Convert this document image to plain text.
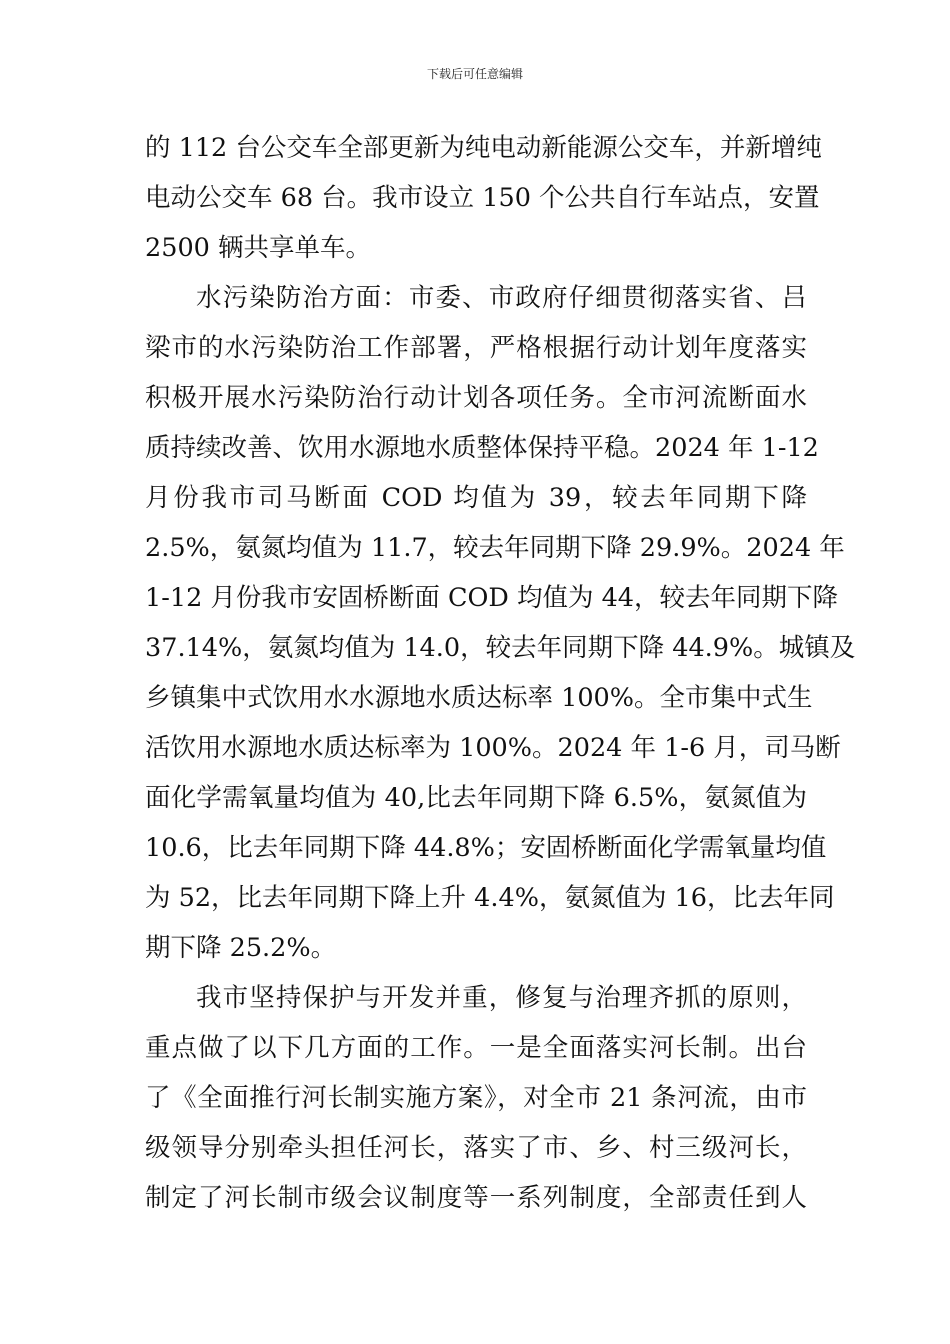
下载后可任意编辑
的 112 台公交车全部更新为纯电动新能源公交车，并新增纯
电动公交车 68 台。我市设立 150 个公共自行车站点，安置
2500 辆共享单车。
水污染防治方面：市委、市政府仔细贯彻落实省、吕
梁市的水污染防治工作部署，严格根据行动计划年度落实
积极开展水污染防治行动计划各项任务。全市河流断面水
质持续改善、饮用水源地水质整体保持平稳。2024 年 1-12
月份我市司马断面 COD 均值为 39，较去年同期下降
2.5%，氨氮均值为 11.7，较去年同期下降 29.9%。2024 年
1-12 月份我市安固桥断面 COD 均值为 44，较去年同期下降
37.14%，氨氮均值为 14.0，较去年同期下降 44.9%。城镇及
乡镇集中式饮用水水源地水质达标率 100%。全市集中式生
活饮用水源地水质达标率为 100%。2024 年 1-6 月，司马断
面化学需氧量均值为 40,比去年同期下降 6.5%，氨氮值为
10.6，比去年同期下降 44.8%；安固桥断面化学需氧量均值
为 52，比去年同期下降上升 4.4%，氨氮值为 16，比去年同
期下降 25.2%。
我市坚持保护与开发并重，修复与治理齐抓的原则，
重点做了以下几方面的工作。一是全面落实河长制。出台
了《全面推行河长制实施方案》，对全市 21 条河流，由市
级领导分别牵头担任河长，落实了市、乡、村三级河长，
制定了河长制市级会议制度等一系列制度，全部责任到人
